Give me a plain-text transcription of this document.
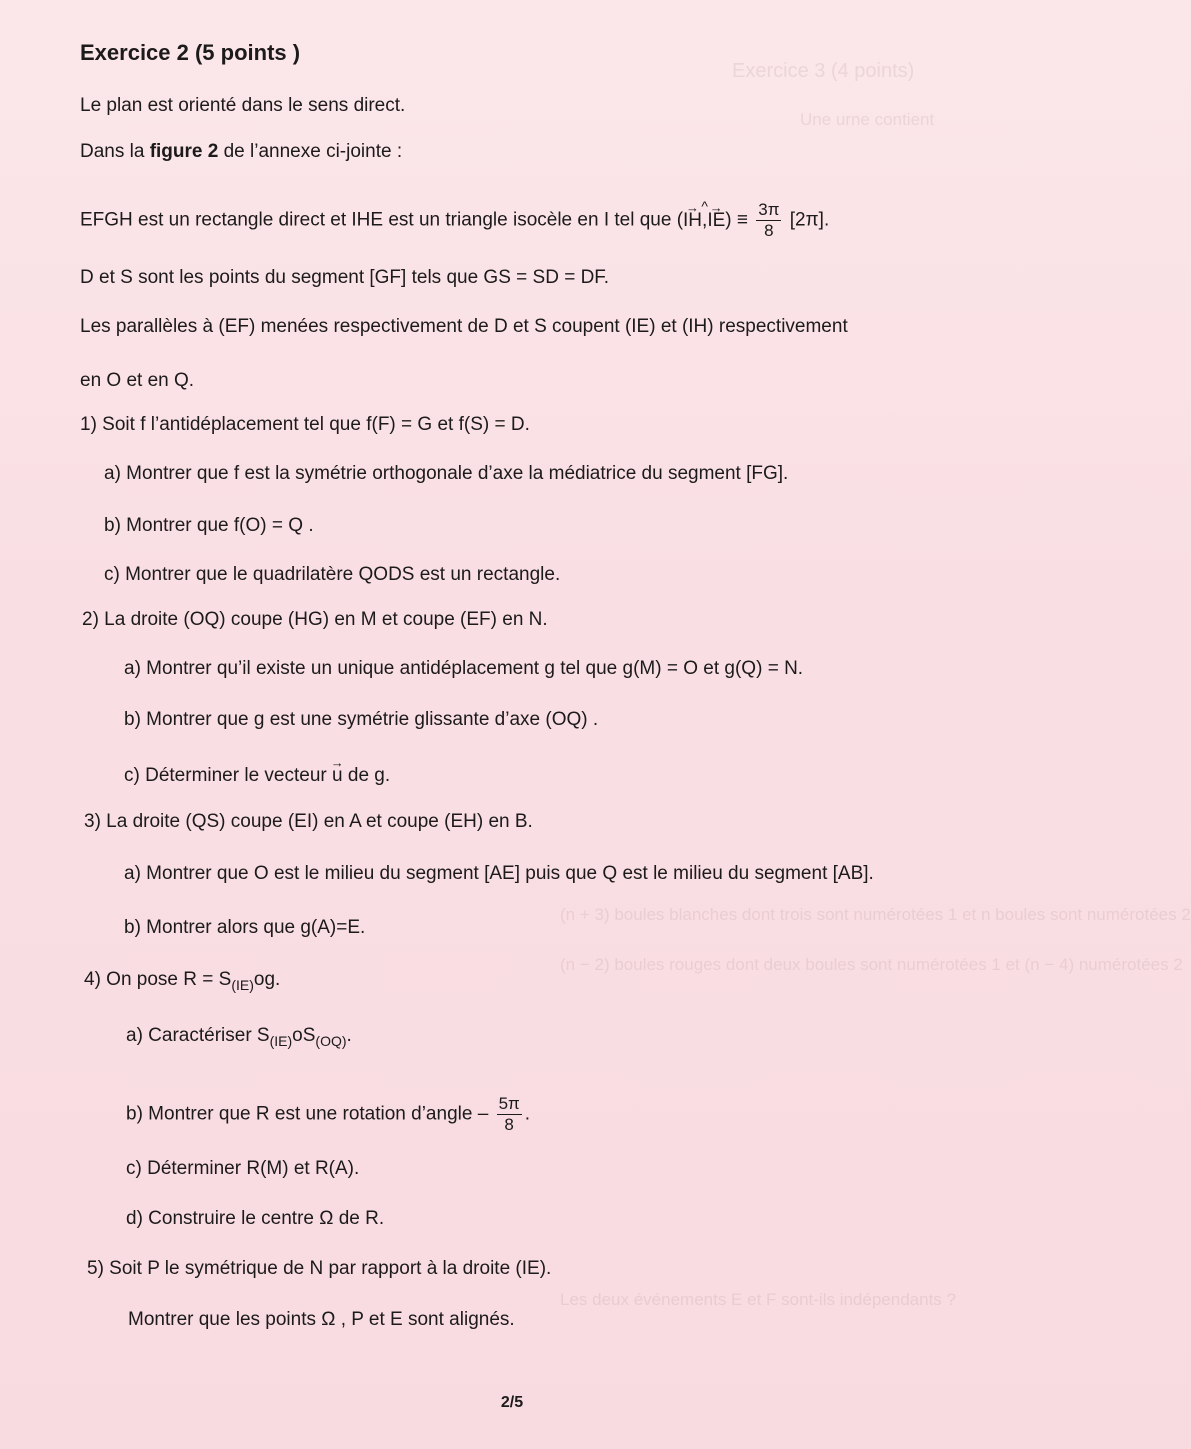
Exercice 3 (4 points)
Une urne contient
(n + 3) boules blanches dont trois sont numérotées 1 et n boules sont numérotées 2
(n − 2) boules rouges dont deux boules sont numérotées 1 et (n − 4) numérotées 2
Les deux événements E et F sont-ils indépendants ?
Exercice 2 (5 points )
Le plan est orienté dans le sens direct.
Dans la figure 2 de l’annexe ci-jointe :
EFGH est un rectangle direct et IHE est un triangle isocèle en I tel que (→ IH,
^
→ $IE) \equiv \frac{3\pi}{8} [2\pi]$.
D et S sont les points du segment [GF] tels que GS = SD = DF.
Les parallèles à (EF) menées respectivement de D et S coupent (IE) et (IH) respectivement
en O et en Q.
1) Soit f l’antidéplacement tel que f(F) = G et f(S) = D.
a) Montrer que f est la symétrie orthogonale d’axe la médiatrice du segment [FG].
b) Montrer que f(O) = Q .
c) Montrer que le quadrilatère QODS est un rectangle.
2) La droite (OQ) coupe (HG) en M et coupe (EF) en N.
a) Montrer qu’il existe un unique antidéplacement g tel que g(M) = O et g(Q) = N.
b) Montrer que g est une symétrie glissante d’axe (OQ) .
c) Déterminer le vecteur → u de g.
3) La droite (QS) coupe (EI) en A et coupe (EH) en B.
a) Montrer que O est le milieu du segment [AE] puis que Q est le milieu du segment [AB].
b) Montrer alors que g(A)=E.
4) On pose $R = S_{(IE)}og$.
a) Caractériser $S_{(IE)}oS_{(OQ)}$.
b) Montrer que R est une rotation d’angle – $\frac{5\pi}{8}$ .
c) Déterminer R(M) et R(A).
d) Construire le centre Ω de R.
5) Soit P le symétrique de N par rapport à la droite (IE).
Montrer que les points Ω , P et E sont alignés.
2/5
